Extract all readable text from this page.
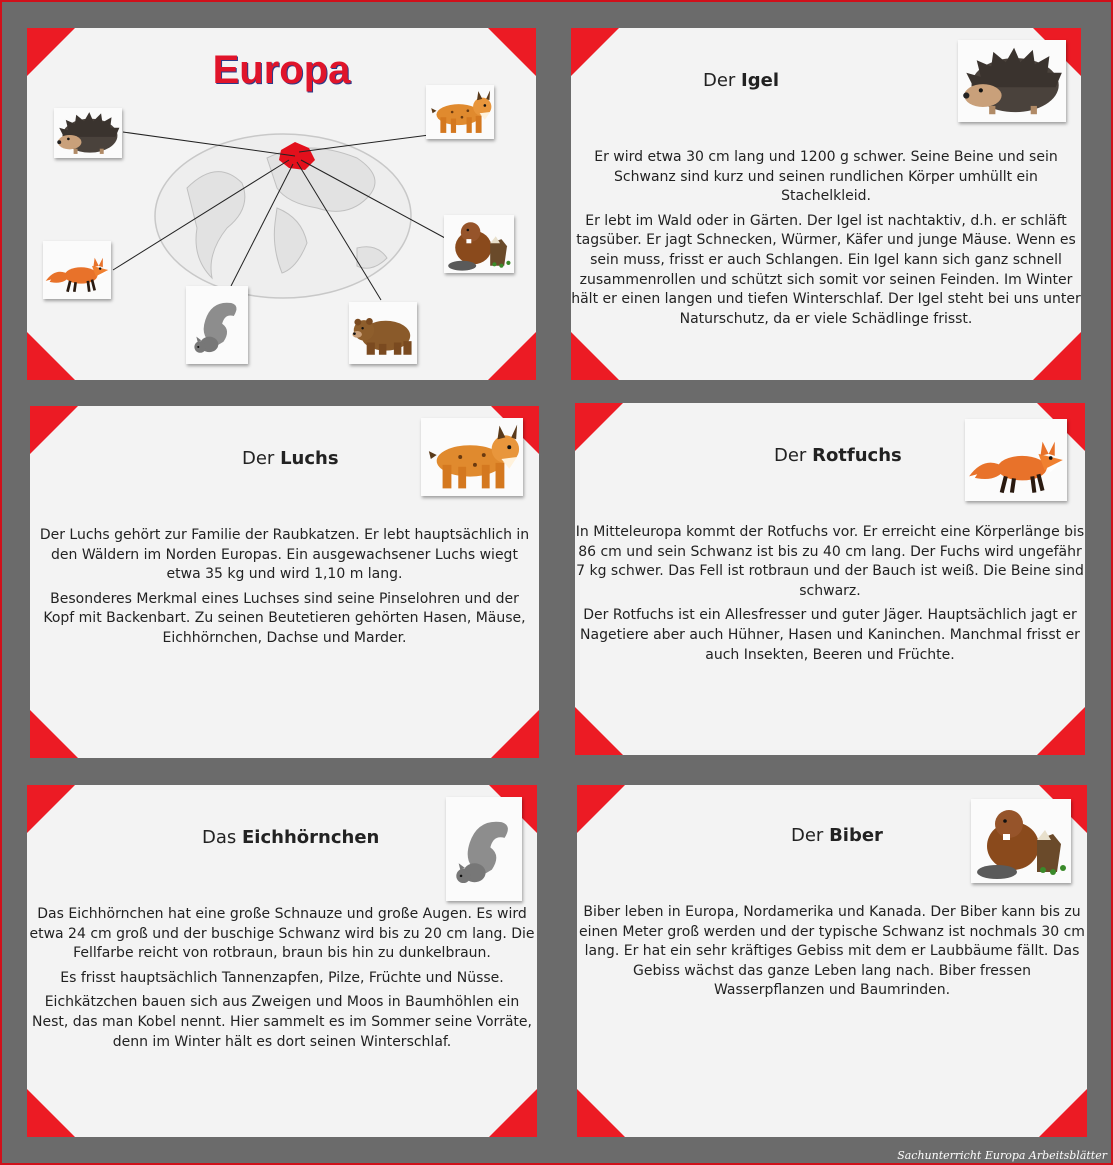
Europa	Der Igel

Er wird etwa 30 cm lang und 1200 g schwer. Seine Beine und sein Schwanz sind kurz und seinen rundlichen Körper umhüllt ein Stachelkleid.

Er lebt im Wald oder in Gärten. Der Igel ist nachtaktiv, d.h. er schläft tagsüber. Er jagt Schnecken, Würmer, Käfer und junge Mäuse. Wenn es sein muss, frisst er auch Schlangen. Ein Igel kann sich ganz schnell zusammenrollen und schützt sich somit vor seinen Feinden. Im Winter hält er einen langen und tiefen Winterschlaf. Der Igel steht bei uns unter Naturschutz, da er viele Schädlinge frisst.

Der Luchs

Der Luchs gehört zur Familie der Raubkatzen. Er lebt hauptsächlich in den Wäldern im Norden Europas. Ein ausgewachsener Luchs wiegt etwa 35 kg und wird 1,10 m lang.

Besonderes Merkmal eines Luchses sind seine Pinselohren und der Kopf mit Backenbart. Zu seinen Beutetieren gehörten Hasen, Mäuse, Eichhörnchen, Dachse und Marder.

Der Rotfuchs

In Mitteleuropa kommt der Rotfuchs vor. Er erreicht eine Körperlänge bis 86 cm und sein Schwanz ist bis zu 40 cm lang. Der Fuchs wird ungefähr 7 kg schwer. Das Fell ist rotbraun und der Bauch ist weiß. Die Beine sind schwarz.

Der Rotfuchs ist ein Allesfresser und guter Jäger. Hauptsächlich jagt er Nagetiere aber auch Hühner, Hasen und Kaninchen. Manchmal frisst er auch Insekten, Beeren und Früchte.

Das Eichhörnchen

Das Eichhörnchen hat eine große Schnauze und große Augen. Es wird etwa 24 cm groß und der buschige Schwanz wird bis zu 20 cm lang. Die Fellfarbe reicht von rotbraun, braun bis hin zu dunkelbraun.

Es frisst hauptsächlich Tannenzapfen, Pilze, Früchte und Nüsse.

Eichkätzchen bauen sich aus Zweigen und Moos in Baumhöhlen ein Nest, das man Kobel nennt. Hier sammelt es im Sommer seine Vorräte, denn im Winter hält es dort seinen Winterschlaf.

Der Biber

Biber leben in Europa, Nordamerika und Kanada. Der Biber kann bis zu einen Meter groß werden und der typische Schwanz ist nochmals 30 cm lang. Er hat ein sehr kräftiges Gebiss mit dem er Laubbäume fällt. Das Gebiss wächst das ganze Leben lang nach. Biber fressen Wasserpflanzen und Baumrinden.

Sachunterricht Europa Arbeitsblätter
